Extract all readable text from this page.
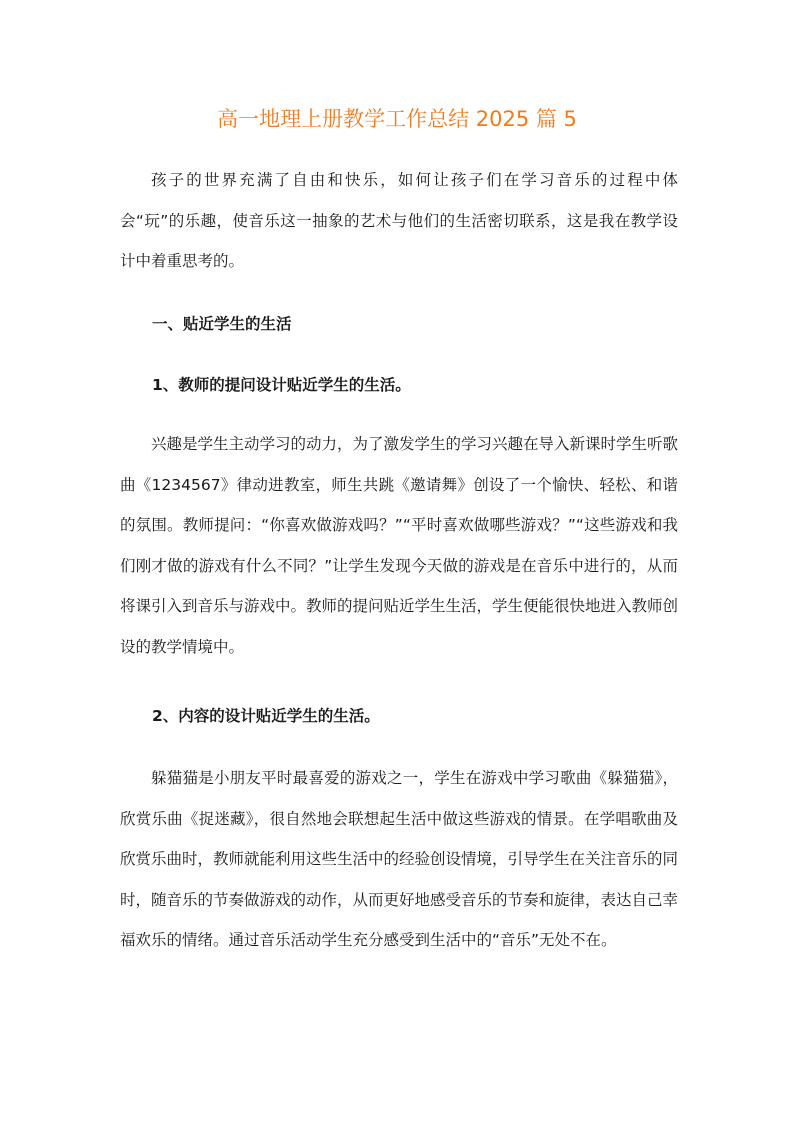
高一地理上册教学工作总结 2025 篇 5

孩子的世界充满了自由和快乐，如何让孩子们在学习音乐的过程中体会“玩”的乐趣，使音乐这一抽象的艺术与他们的生活密切联系，这是我在教学设计中着重思考的。

一、贴近学生的生活
1、教师的提问设计贴近学生的生活。

兴趣是学生主动学习的动力，为了激发学生的学习兴趣在导入新课时学生听歌曲《1234567》律动进教室，师生共跳《邀请舞》创设了一个愉快、轻松、和谐的氛围。教师提问：“你喜欢做游戏吗？”“平时喜欢做哪些游戏？”“这些游戏和我们刚才做的游戏有什么不同？”让学生发现今天做的游戏是在音乐中进行的，从而将课引入到音乐与游戏中。教师的提问贴近学生生活，学生便能很快地进入教师创设的教学情境中。

2、内容的设计贴近学生的生活。

躲猫猫是小朋友平时最喜爱的游戏之一，学生在游戏中学习歌曲《躲猫猫》，欣赏乐曲《捉迷藏》，很自然地会联想起生活中做这些游戏的情景。在学唱歌曲及欣赏乐曲时，教师就能利用这些生活中的经验创设情境，引导学生在关注音乐的同时，随音乐的节奏做游戏的动作，从而更好地感受音乐的节奏和旋律，表达自己幸福欢乐的情绪。通过音乐活动学生充分感受到生活中的“音乐”无处不在。
